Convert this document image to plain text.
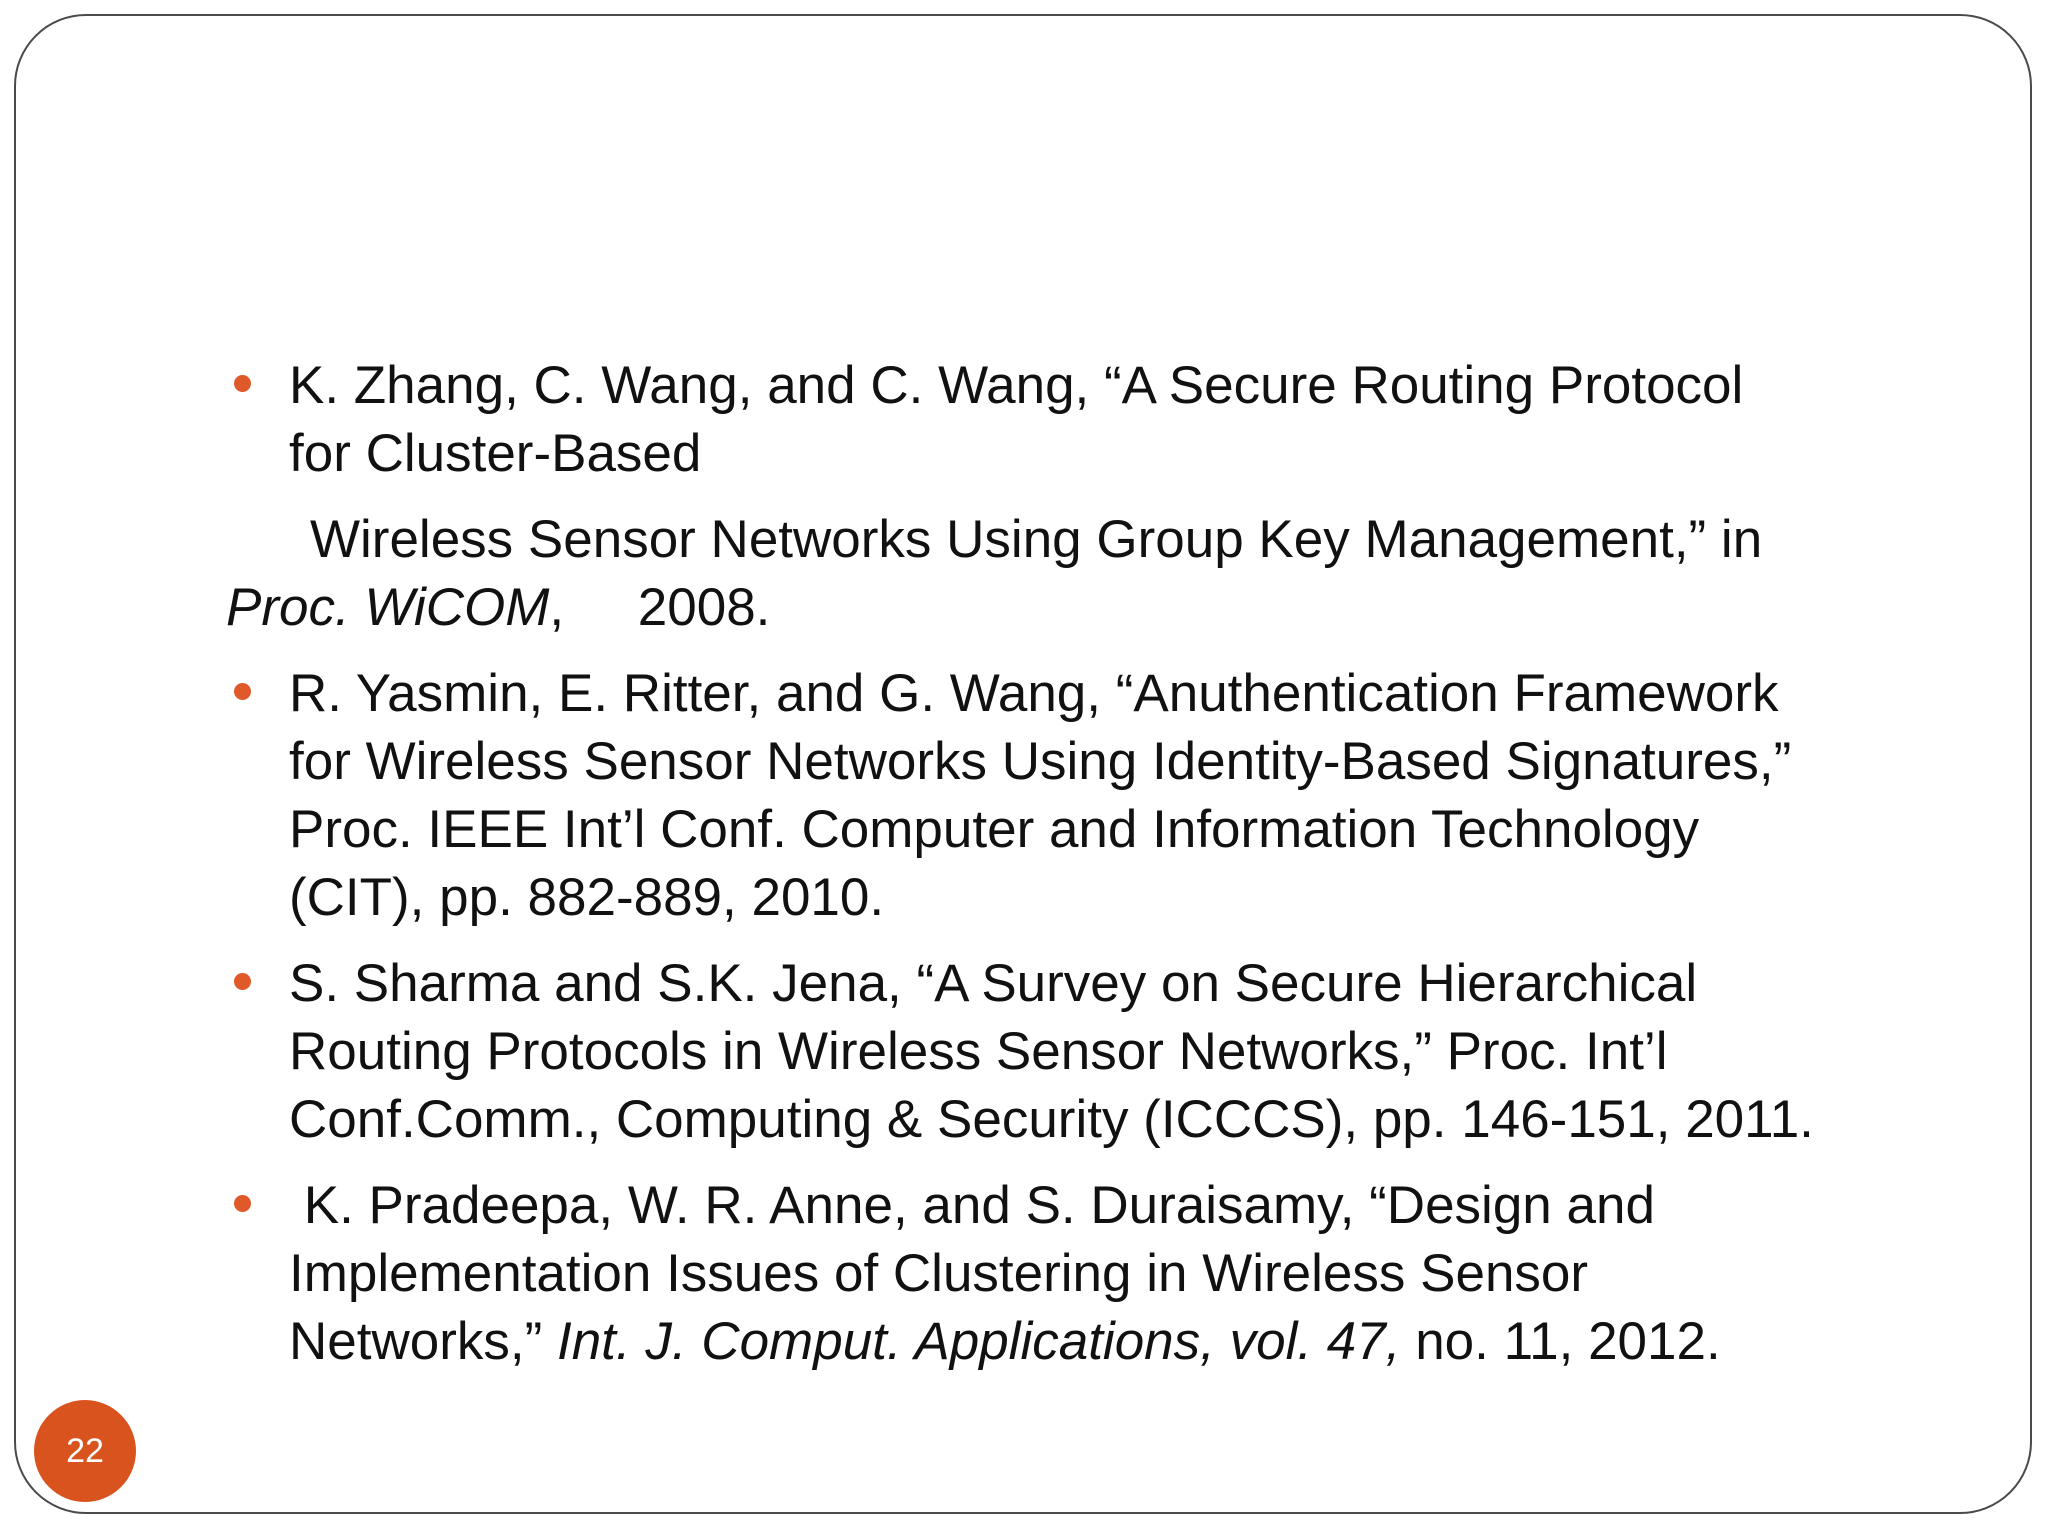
K. Zhang, C. Wang, and C. Wang, “A Secure Routing Protocol
for Cluster-Based
Wireless Sensor Networks Using Group Key Management,” in
Proc. WiCOM,     2008.
R. Yasmin, E. Ritter, and G. Wang, “Anuthentication Framework
for Wireless Sensor Networks Using Identity-Based Signatures,”
Proc. IEEE Int’l Conf. Computer and Information Technology
(CIT), pp. 882-889, 2010.
S. Sharma and S.K. Jena, “A Survey on Secure Hierarchical
Routing Protocols in Wireless Sensor Networks,” Proc. Int’l
Conf.Comm., Computing & Security (ICCCS), pp. 146-151, 2011.
K. Pradeepa, W. R. Anne, and S. Duraisamy, “Design and
Implementation Issues of Clustering in Wireless Sensor
Networks,” Int. J. Comput. Applications, vol. 47, no. 11, 2012.
22
